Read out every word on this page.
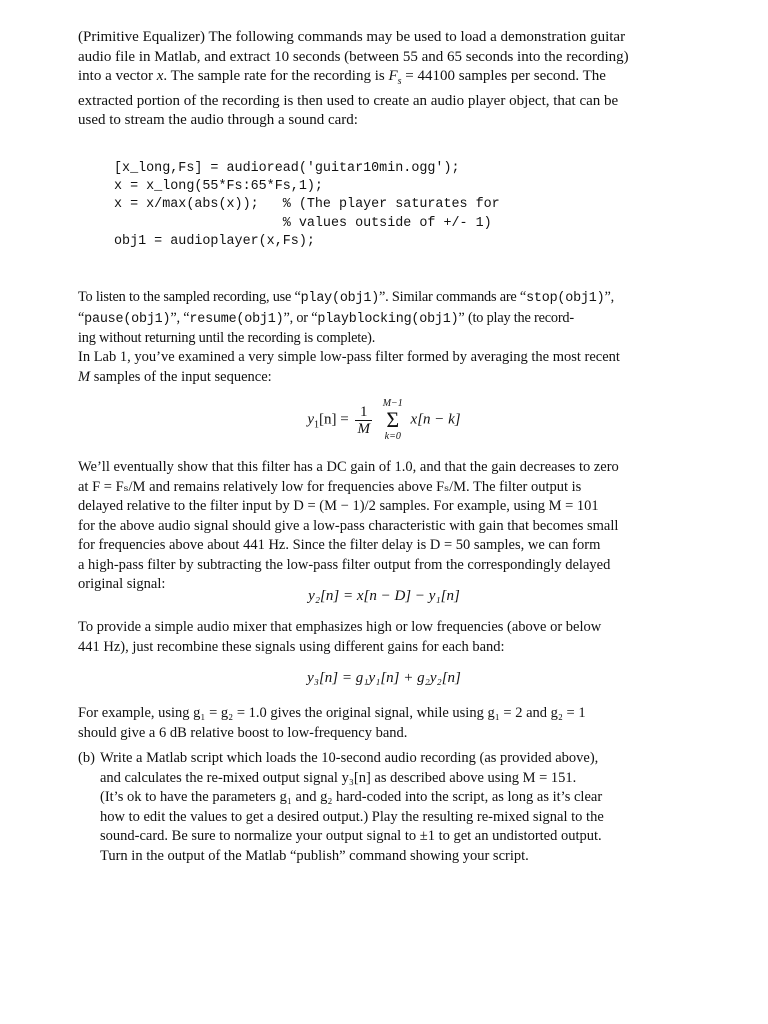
(Primitive Equalizer) The following commands may be used to load a demonstration guitar
audio file in Matlab, and extract 10 seconds (between 55 and 65 seconds into the recording)
into a vector x. The sample rate for the recording is $F_s = 44100$ samples per second. The
extracted portion of the recording is then used to create an audio player object, that can be
used to stream the audio through a sound card:
[x_long,Fs] = audioread('guitar10min.ogg');
x = x_long(55*Fs:65*Fs,1);
x = x/max(abs(x));   % (The player saturates for
% values outside of +/- 1)
obj1 = audioplayer(x,Fs);
To listen to the sampled recording, use “play(obj1)”. Similar commands are “stop(obj1)”,
“pause(obj1)”, “resume(obj1)”, or “playblocking(obj1)” (to play the record-
ing without returning until the recording is complete).
In Lab 1, you’ve examined a very simple low-pass filter formed by averaging the most recent
M samples of the input sequence:
$y_1[n] = \frac{1}{M}$
M−1
Σ
k=0
x[n − k]
We’ll eventually show that this filter has a DC gain of 1.0, and that the gain decreases to zero
at F = Fₛ/M and remains relatively low for frequencies above Fₛ/M. The filter output is
delayed relative to the filter input by D = (M − 1)/2 samples. For example, using M = 101
for the above audio signal should give a low-pass characteristic with gain that becomes small
for frequencies above about 441 Hz. Since the filter delay is D = 50 samples, we can form
a high-pass filter by subtracting the low-pass filter output from the correspondingly delayed
original signal:
y₂[n] = x[n − D] − y₁[n]
To provide a simple audio mixer that emphasizes high or low frequencies (above or below
441 Hz), just recombine these signals using different gains for each band:
y₃[n] = g₁y₁[n] + g₂y₂[n]
For example, using g₁ = g₂ = 1.0 gives the original signal, while using g₁ = 2 and g₂ = 1
should give a 6 dB relative boost to low-frequency band.
(b) Write a Matlab script which loads the 10-second audio recording (as provided above),
and calculates the re-mixed output signal y₃[n] as described above using M = 151.
(It’s ok to have the parameters g₁ and g₂ hard-coded into the script, as long as it’s clear
how to edit the values to get a desired output.) Play the resulting re-mixed signal to the
sound-card. Be sure to normalize your output signal to ±1 to get an undistorted output.
Turn in the output of the Matlab “publish” command showing your script.
